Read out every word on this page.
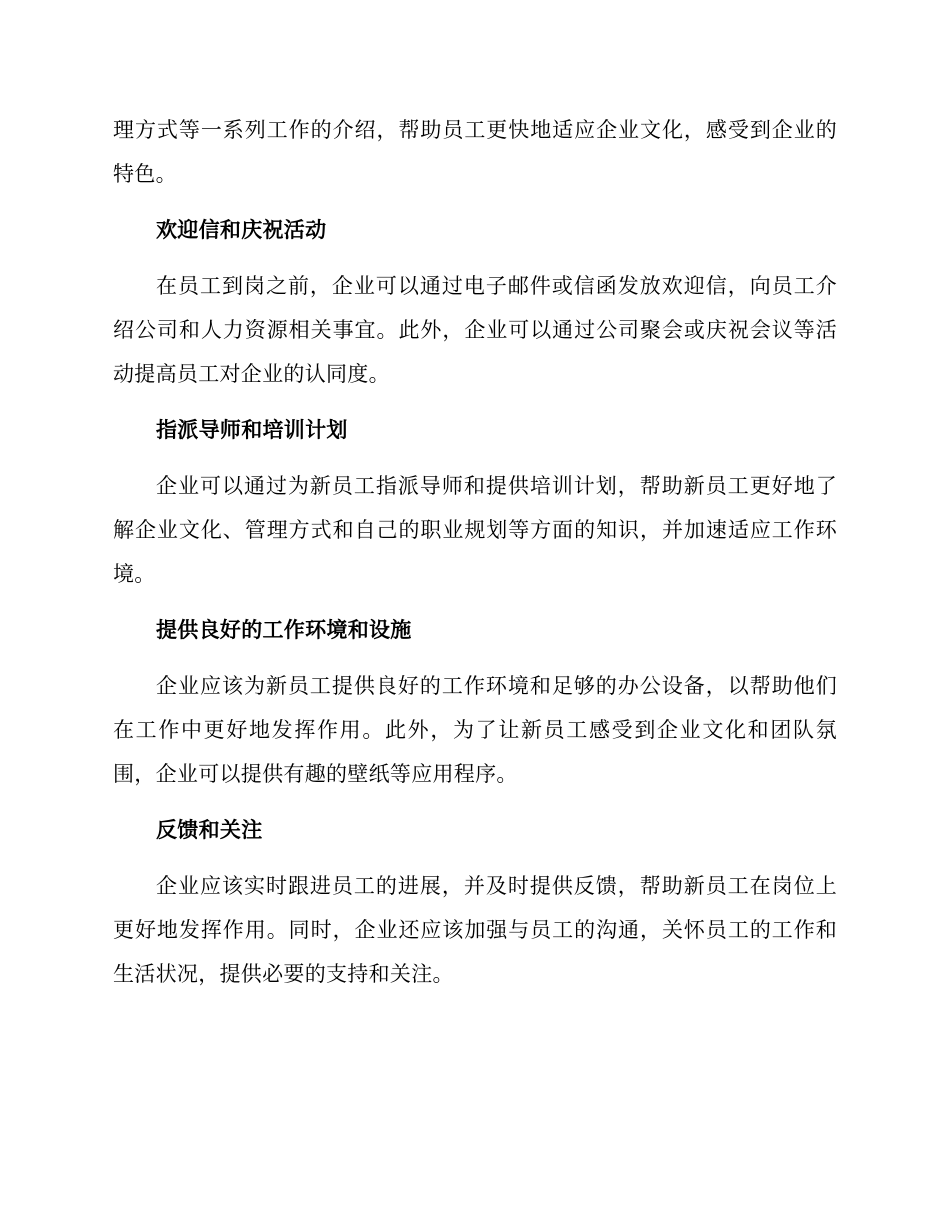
理方式等一系列工作的介绍，帮助员工更快地适应企业文化，感受到企业的特色。

欢迎信和庆祝活动

在员工到岗之前，企业可以通过电子邮件或信函发放欢迎信，向员工介绍公司和人力资源相关事宜。此外，企业可以通过公司聚会或庆祝会议等活动提高员工对企业的认同度。

指派导师和培训计划

企业可以通过为新员工指派导师和提供培训计划，帮助新员工更好地了解企业文化、管理方式和自己的职业规划等方面的知识，并加速适应工作环境。

提供良好的工作环境和设施

企业应该为新员工提供良好的工作环境和足够的办公设备，以帮助他们在工作中更好地发挥作用。此外，为了让新员工感受到企业文化和团队氛围，企业可以提供有趣的壁纸等应用程序。

反馈和关注

企业应该实时跟进员工的进展，并及时提供反馈，帮助新员工在岗位上更好地发挥作用。同时，企业还应该加强与员工的沟通，关怀员工的工作和生活状况，提供必要的支持和关注。
